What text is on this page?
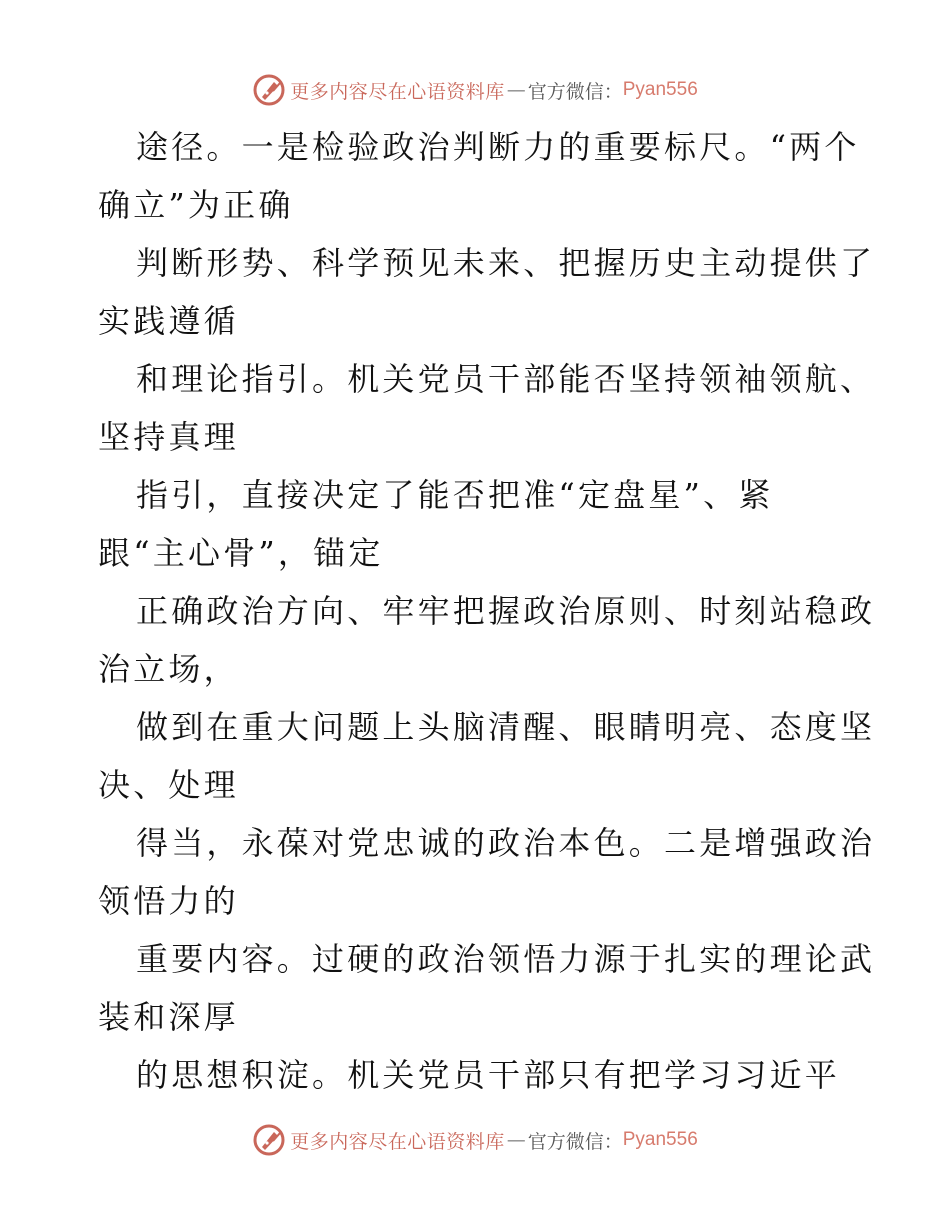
更多内容尽在心语资料库 — 官方微信： Pyan556
途径。一是检验政治判断力的重要标尺。“两个
确立”为正确
判断形势、科学预见未来、把握历史主动提供了
实践遵循
和理论指引。机关党员干部能否坚持领袖领航、
坚持真理
指引，直接决定了能否把准“定盘星”、紧
跟“主心骨”，锚定
正确政治方向、牢牢把握政治原则、时刻站稳政
治立场，
做到在重大问题上头脑清醒、眼睛明亮、态度坚
决、处理
得当，永葆对党忠诚的政治本色。二是增强政治
领悟力的
重要内容。过硬的政治领悟力源于扎实的理论武
装和深厚
的思想积淀。机关党员干部只有把学习习近平
更多内容尽在心语资料库 — 官方微信： Pyan556
